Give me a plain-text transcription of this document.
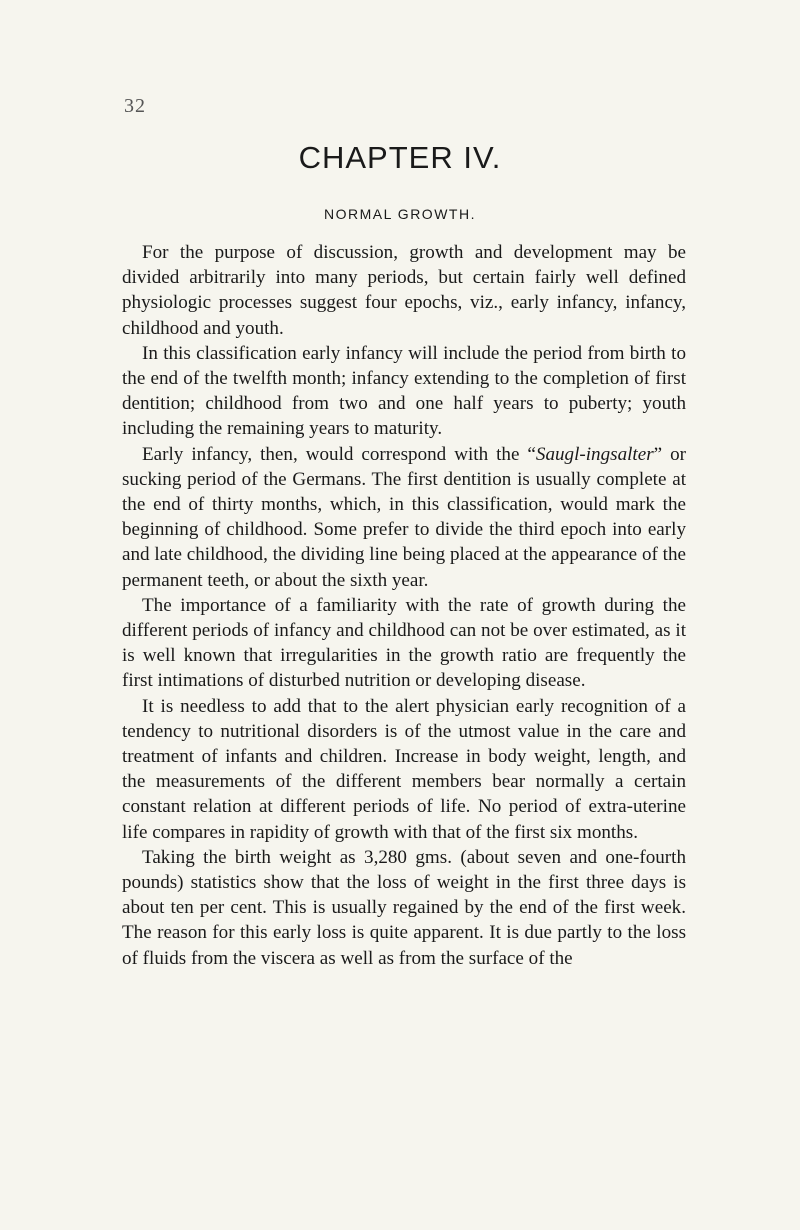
32
CHAPTER IV.
NORMAL GROWTH.

For the purpose of discussion, growth and development may be divided arbitrarily into many periods, but certain fairly well defined physiologic processes suggest four epochs, viz., early infancy, infancy, childhood and youth.

In this classification early infancy will include the period from birth to the end of the twelfth month; infancy extending to the completion of first dentition; childhood from two and one half years to puberty; youth including the remaining years to maturity.

Early infancy, then, would correspond with the “Saugl-ingsalter” or sucking period of the Germans. The first dentition is usually complete at the end of thirty months, which, in this classification, would mark the beginning of childhood. Some prefer to divide the third epoch into early and late childhood, the dividing line being placed at the appearance of the permanent teeth, or about the sixth year.

The importance of a familiarity with the rate of growth during the different periods of infancy and childhood can not be over estimated, as it is well known that irregularities in the growth ratio are frequently the first intimations of disturbed nutrition or developing disease.

It is needless to add that to the alert physician early recognition of a tendency to nutritional disorders is of the utmost value in the care and treatment of infants and children. Increase in body weight, length, and the measurements of the different members bear normally a certain constant relation at different periods of life. No period of extra-uterine life compares in rapidity of growth with that of the first six months.

Taking the birth weight as 3,280 gms. (about seven and one-fourth pounds) statistics show that the loss of weight in the first three days is about ten per cent. This is usually regained by the end of the first week. The reason for this early loss is quite apparent. It is due partly to the loss of fluids from the viscera as well as from the surface of the
